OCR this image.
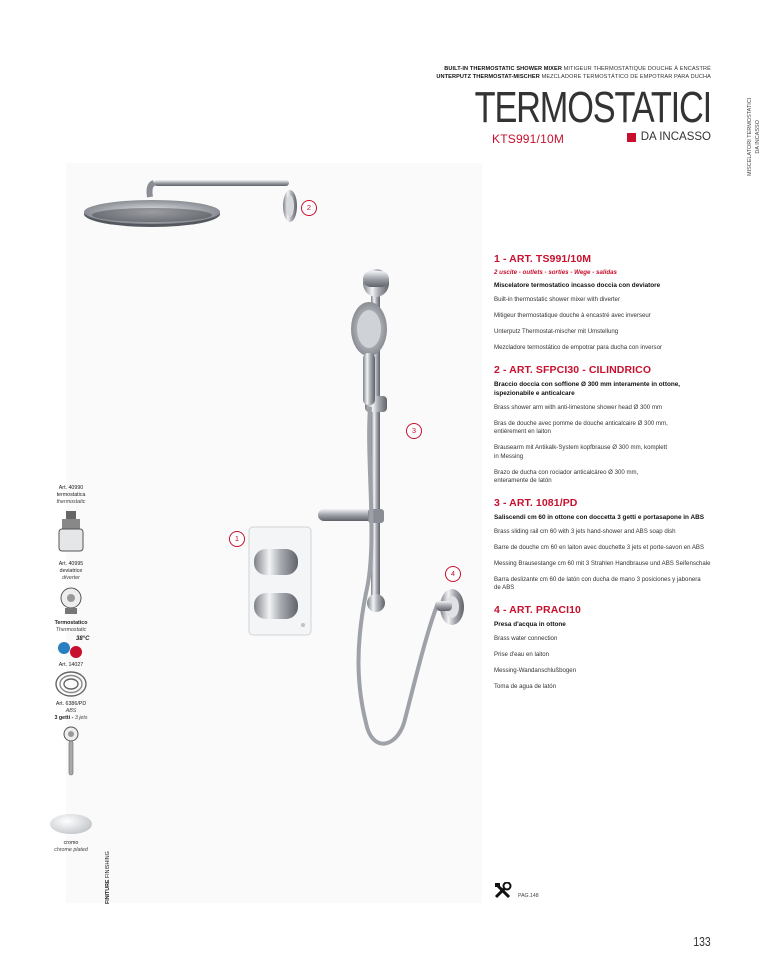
BUILT-IN THERMOSTATIC SHOWER MIXER MITIGEUR THERMOSTATIQUE DOUCHE À ENCASTRÉ
UNTERPUTZ THERMOSTAT-MISCHER MEZCLADORE TERMOSTÁTICO DE EMPOTRAR PARA DUCHA
TERMOSTATICI
KTS991/10M	DA INCASSO	MISCELATORI TERMOSTATICI DA INCASSO
2
3
1
4
Art. 40990
termostatica
thermostatic
Art. 40995
deviatrice
diverter
Termostatico
Thermostatic
38°C
Art. 14027
Art. 6386/PD
ABS
3 getti - 3 jets
cromo
chrome plated
FINITURE FINISHING
1 - ART. TS991/10M
2 uscite - outlets - sorties - Wege - salidas
Miscelatore termostatico incasso doccia con deviatore
Built-in thermostatic shower mixer with diverter
Mitigeur thermostatique douche à encastré avec inverseur
Unterputz Thermostat-mischer mit Umstellung
Mezcladore termostático de empotrar para ducha con inversor
2 - ART. SFPCI30 - CILINDRICO
Braccio doccia con soffione Ø 300 mm interamente in ottone, ispezionabile e anticalcare
Brass shower arm with anti-limestone shower head Ø 300 mm
Bras de douche avec pomme de douche anticalcaire Ø 300 mm, entièrement en laiton
Brausearm mit Antikalk-System kopfbrause Ø 300 mm, komplett in Messing
Brazo de ducha con rociador anticalcáreo Ø 300 mm, enteramente de latón
3 - ART. 1081/PD
Saliscendi cm 60 in ottone con doccetta 3 getti e portasapone in ABS
Brass sliding rail cm 60 with 3 jets hand-shower and ABS soap dish
Barre de douche cm 60 en laiton avec douchette 3 jets et porte-savon en ABS
Messing Brausestange cm 60 mit 3 Strahlen Handbrause und ABS Seifenschale
Barra deslizante cm 60 de latón con ducha de mano 3 posiciones y jabonera de ABS
4 - ART. PRACI10
Presa d'acqua in ottone
Brass water connection
Prise d'eau en laiton
Messing-Wandanschlußbogen
Toma de agua de latón
PAG.148
133
